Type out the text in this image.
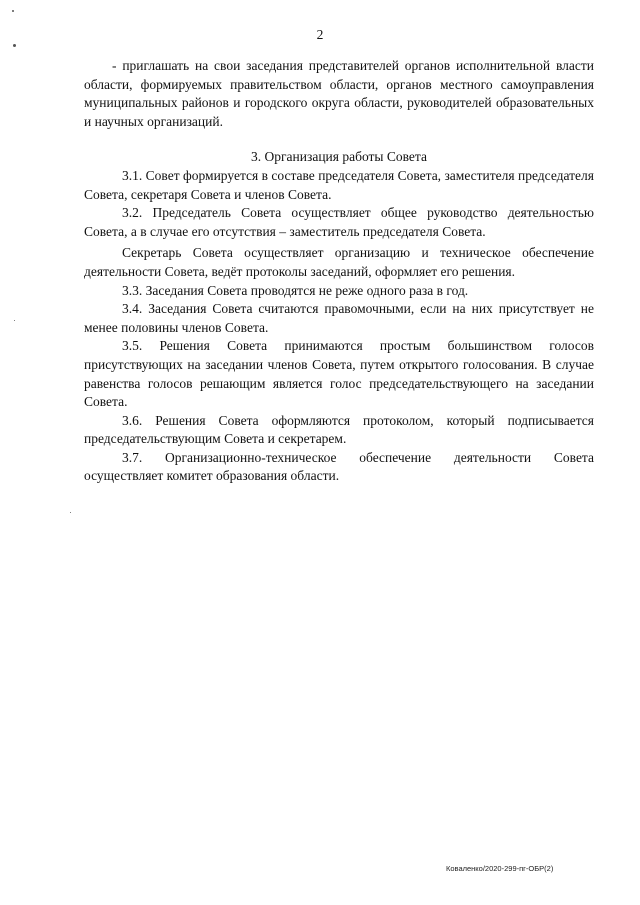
2

- приглашать на свои заседания представителей органов исполнительной власти области, формируемых правительством области, органов местного самоуправления муниципальных районов и городского округа области, руководителей образовательных и научных организаций.

3. Организация работы Совета

3.1. Совет формируется в составе председателя Совета, заместителя председателя Совета, секретаря Совета и членов Совета.

3.2. Председатель Совета осуществляет общее руководство деятельностью Совета, а в случае его отсутствия – заместитель председателя Совета.

Секретарь Совета осуществляет организацию и техническое обеспечение деятельности Совета, ведёт протоколы заседаний, оформляет его решения.

3.3. Заседания Совета проводятся не реже одного раза в год.

3.4. Заседания Совета считаются правомочными, если на них присутствует не менее половины членов Совета.

3.5. Решения Совета принимаются простым большинством голосов присутствующих на заседании членов Совета, путем открытого голосования. В случае равенства голосов решающим является голос председательствующего на заседании Совета.

3.6. Решения Совета оформляются протоколом, который подписывается председательствующим Совета и секретарем.

3.7. Организационно-техническое обеспечение деятельности Совета осуществляет комитет образования области.

Коваленко/2020-299-пг-ОБР(2)
